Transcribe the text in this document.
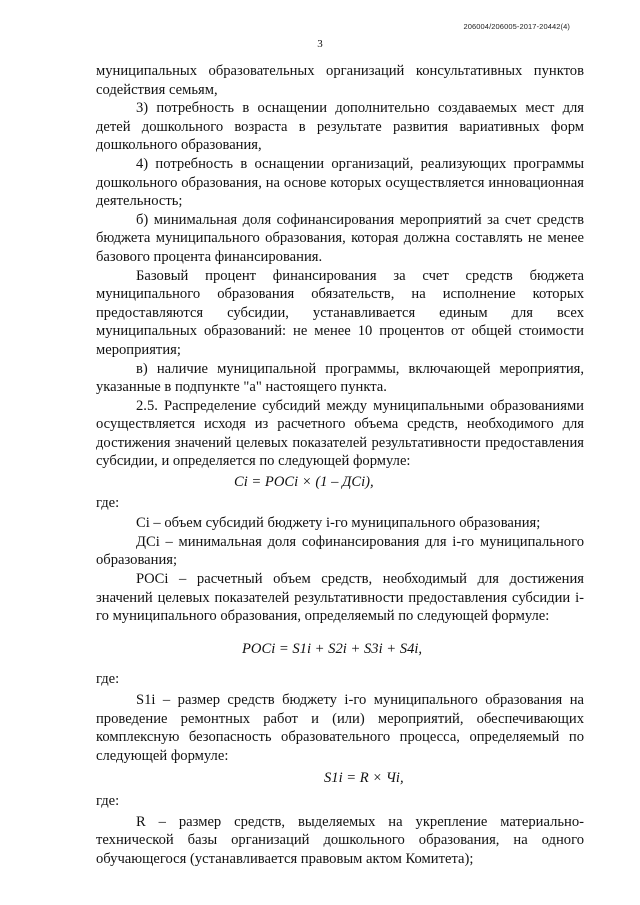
206004/206005-2017-20442(4)
3

муниципальных образовательных организаций консультативных пунктов содействия семьям,

3) потребность в оснащении дополнительно создаваемых мест для детей дошкольного возраста в результате развития вариативных форм дошкольного образования,

4) потребность в оснащении организаций, реализующих программы дошкольного образования, на основе которых осуществляется инновационная деятельность;

б) минимальная доля софинансирования мероприятий за счет средств бюджета муниципального образования, которая должна составлять не менее базового процента финансирования.

Базовый процент финансирования за счет средств бюджета муниципального образования обязательств, на исполнение которых предоставляются субсидии, устанавливается единым для всех муниципальных образований: не менее 10 процентов от общей стоимости мероприятия;

в) наличие муниципальной программы, включающей мероприятия, указанные в подпункте "а" настоящего пункта.

2.5. Распределение субсидий между муниципальными образованиями осуществляется исходя из расчетного объема средств, необходимого для достижения значений целевых показателей результативности предоставления субсидии, и определяется по следующей формуле:

Ci = POCi × (1 – ДCi),

где:

Ci – объем субсидий бюджету i-го муниципального образования;

ДCi – минимальная доля софинансирования для i-го муниципального образования;

POCi – расчетный объем средств, необходимый для достижения значений целевых показателей результативности предоставления субсидии i-го муниципального образования, определяемый по следующей формуле:

POCi = S1i + S2i + S3i + S4i,

где:

S1i – размер средств бюджету i-го муниципального образования на проведение ремонтных работ и (или) мероприятий, обеспечивающих комплексную безопасность образовательного процесса, определяемый по следующей формуле:

S1i = R × Чi,

где:

R – размер средств, выделяемых на укрепление материально-технической базы организаций дошкольного образования, на одного обучающегося (устанавливается правовым актом Комитета);
